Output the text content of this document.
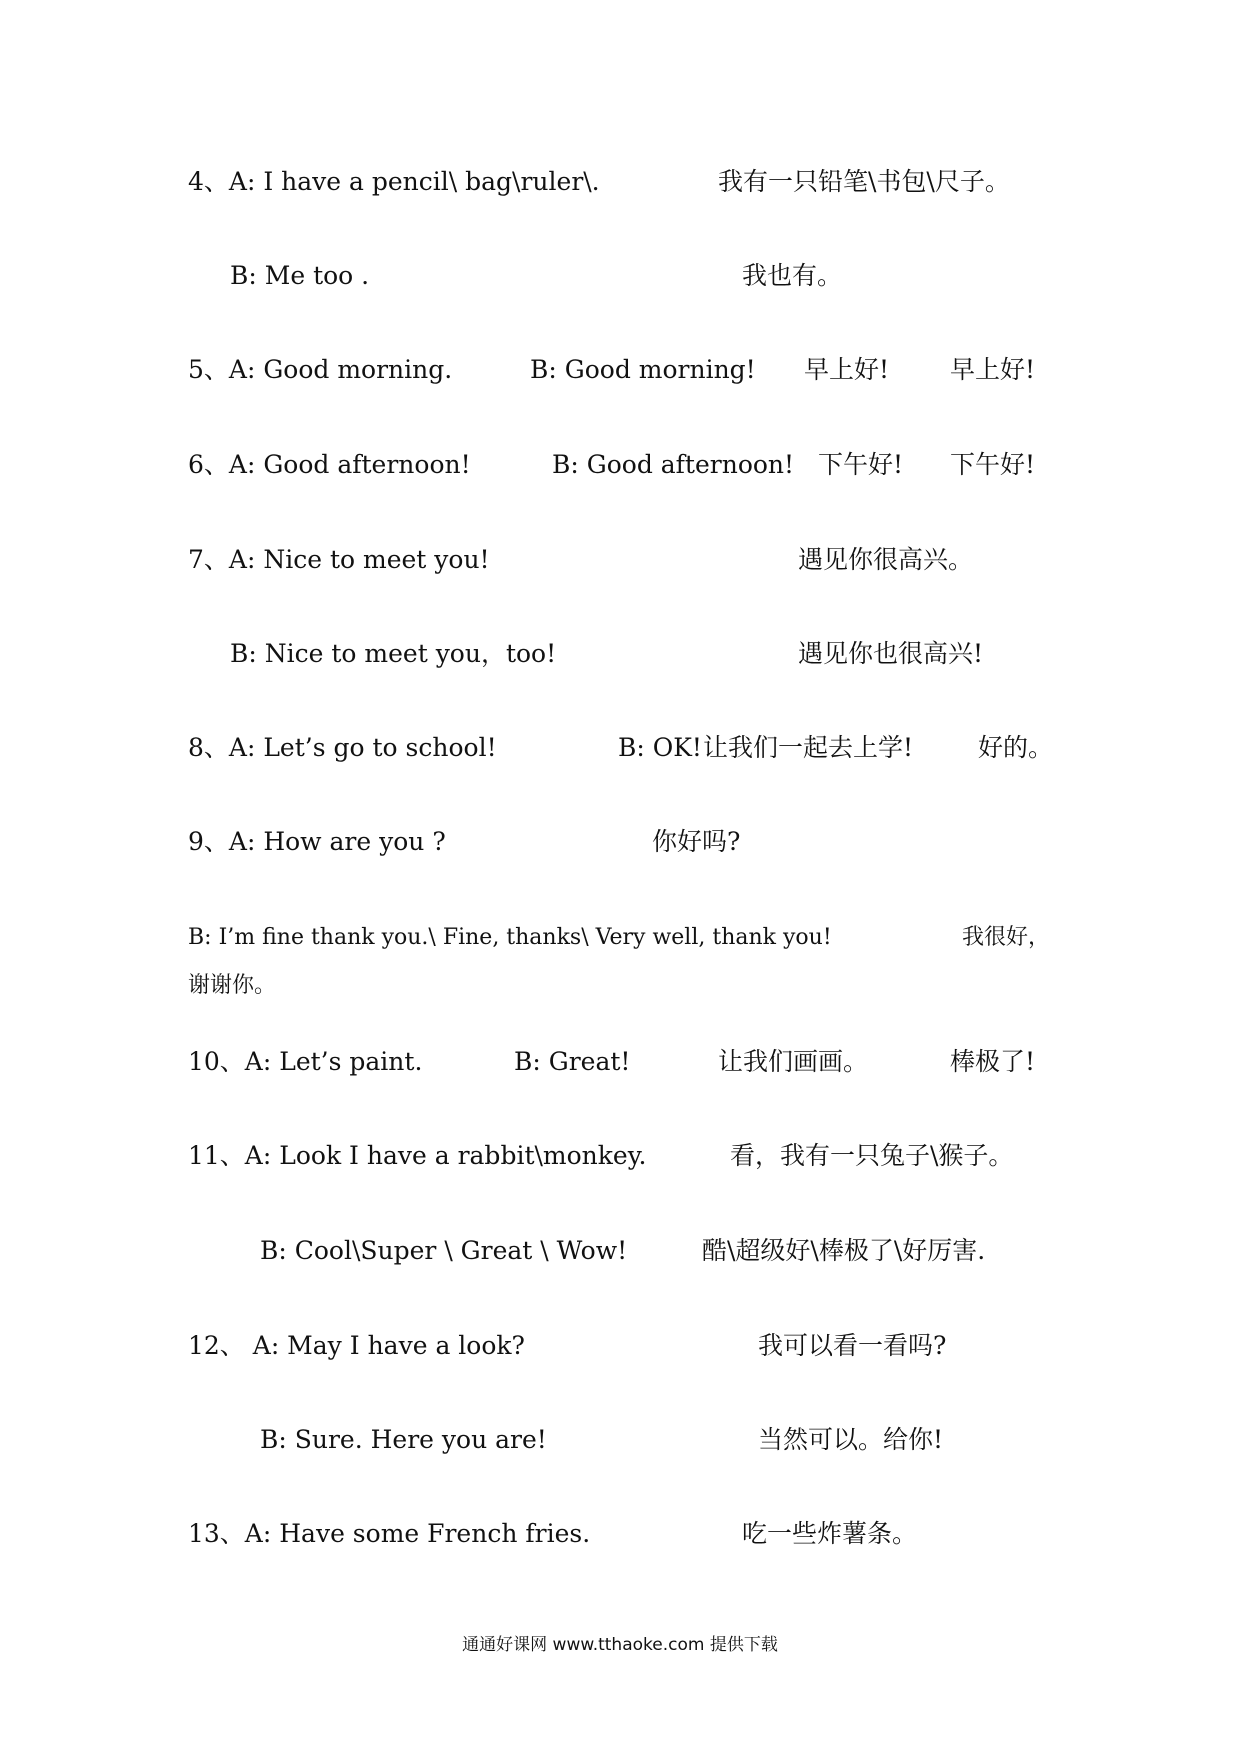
4、A: I have a pencil\ bag\ruler\.	我有一只铅笔\书包\尺子。

B: Me too .	我也有。

5、A: Good morning.	B: Good morning! 早上好! 早上好!

6、A: Good afternoon!	B: Good afternoon! 下午好! 下午好!

7、A: Nice to meet you!	遇见你很高兴。

B: Nice to meet you，too!	遇见你也很高兴!

8、A: Let’s go to school!	B: OK! 让我们一起去上学!	好的。

9、A: How are you ?	你好吗?

B: I’m fine thank you.\ Fine, thanks\ Very well, thank you!	我很好，

谢谢你。

10、A: Let’s paint.	B: Great!	让我们画画。	棒极了!

11、A: Look I have a rabbit\monkey.	看，我有一只兔子\猴子。

B: Cool\Super \ Great \ Wow!	酷\超级好\棒极了\好厉害.

12、 A: May I have a look?	我可以看一看吗?

B: Sure. Here you are!	当然可以。给你!

13、A: Have some French fries.	吃一些炸薯条。

通通好课网 www.tthaoke.com 提供下载
